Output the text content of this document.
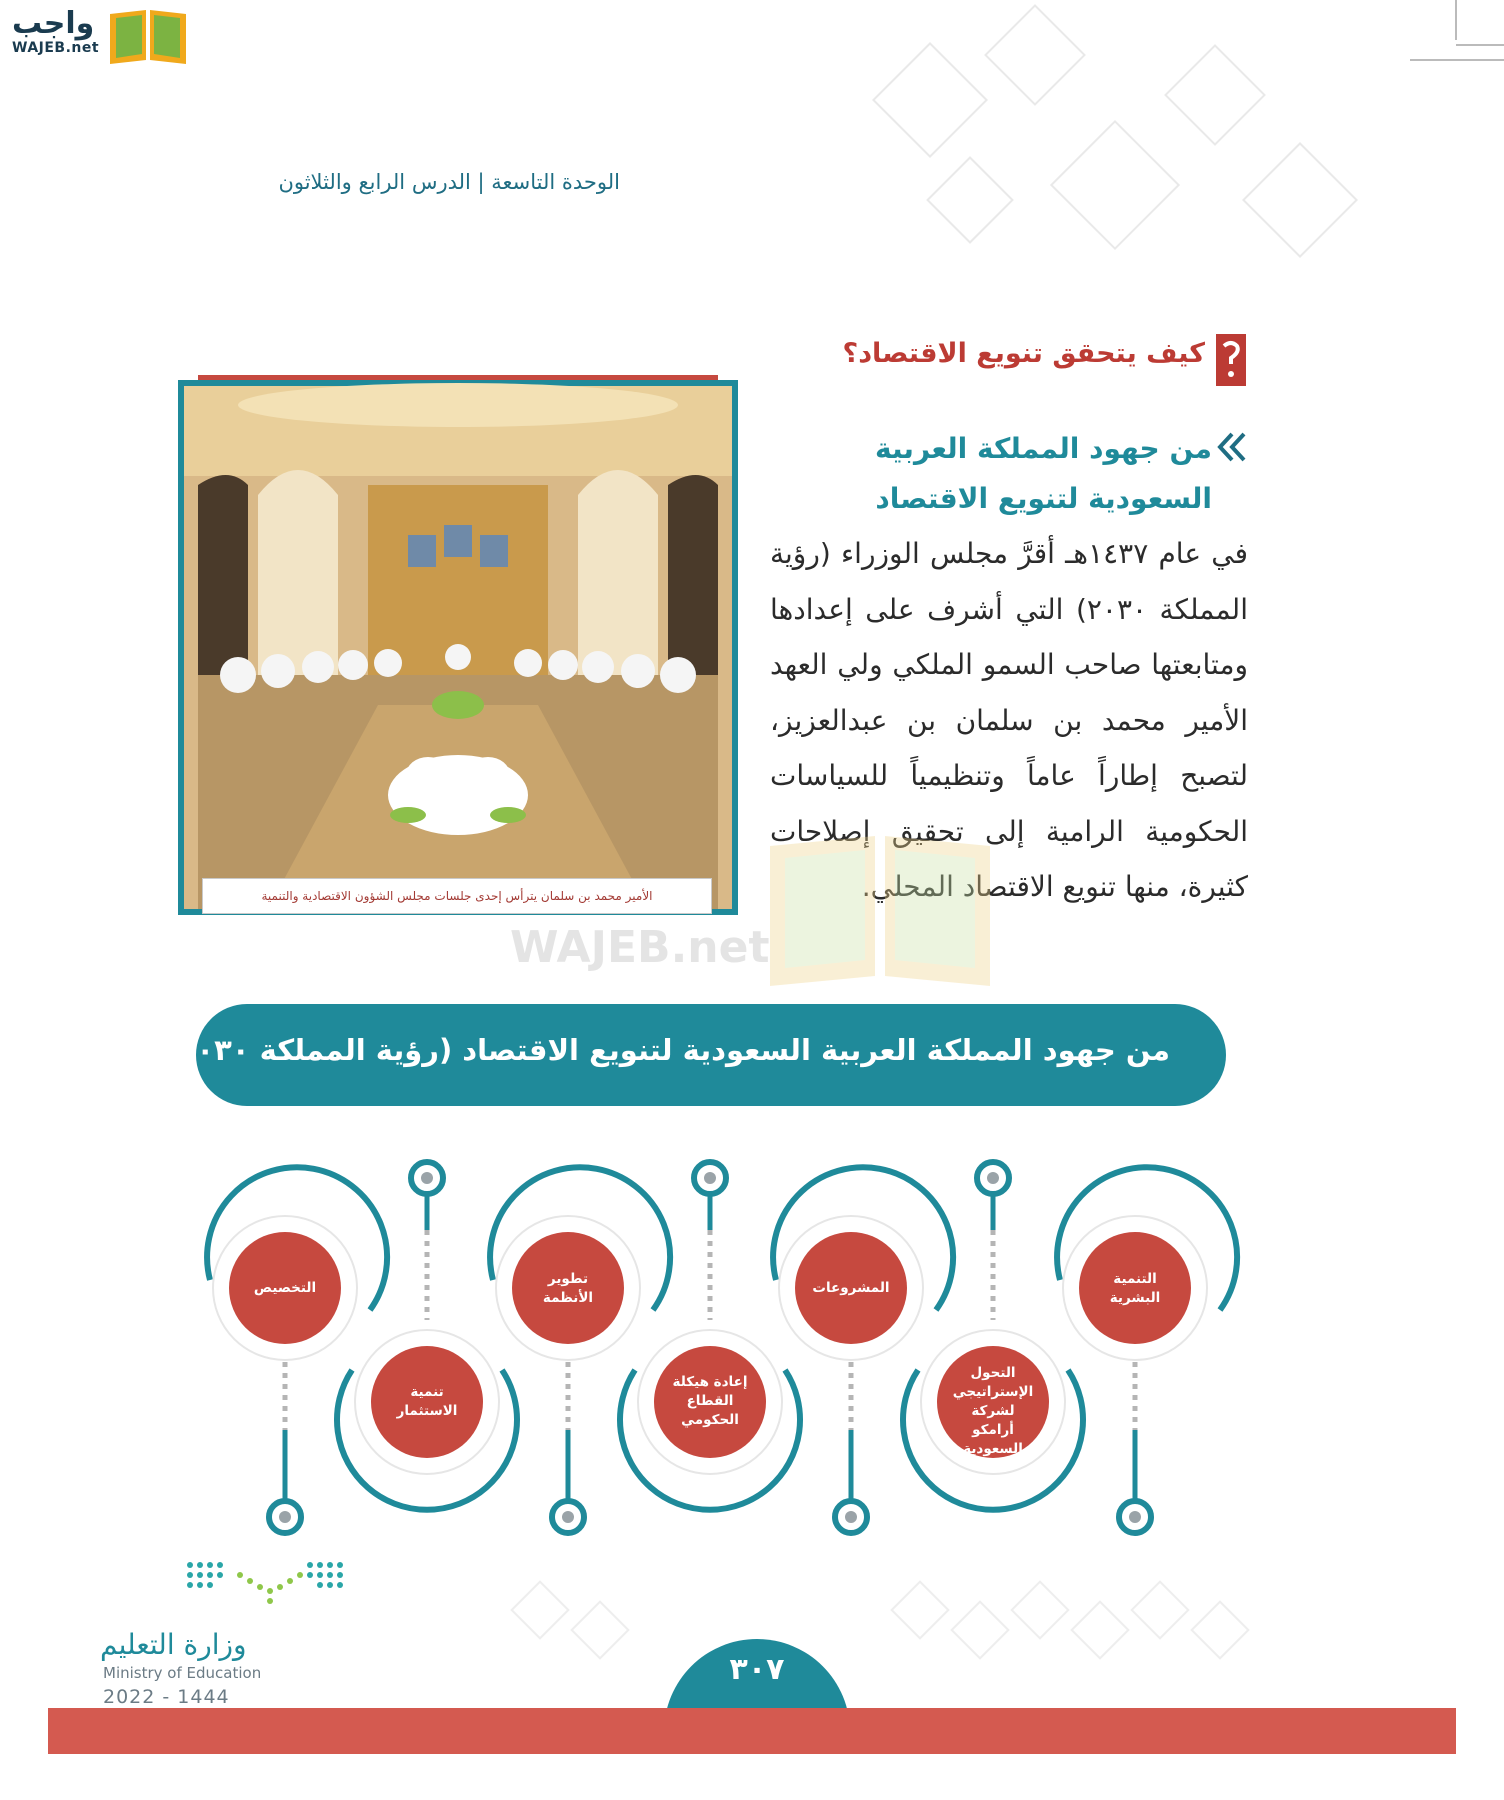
واجب
WAJEB.net
الوحدة التاسعة | الدرس الرابع والثلاثون
كيف يتحقق تنويع الاقتصاد؟
من جهود المملكة العربية السعودية لتنويع الاقتصاد
في عام ١٤٣٧هـ أقرَّ مجلس الوزراء (رؤية المملكة ٢٠٣٠) التي أشرف على إعدادها ومتابعتها صاحب السمو الملكي ولي العهد الأمير محمد بن سلمان بن عبدالعزيز، لتصبح إطاراً عاماً وتنظيمياً للسياسات الحكومية الرامية إلى تحقيق إصلاحات كثيرة، منها تنويع الاقتصاد المحلي.
الأمير محمد بن سلمان يترأس إحدى جلسات مجلس الشؤون الاقتصادية والتنمية
WAJEB.net
من جهود المملكة العربية السعودية لتنويع الاقتصاد (رؤية المملكة ٢٠٣٠)
التنمية البشرية
التحول الإستراتيجي لشركة أرامكو السعودية
المشروعات
إعادة هيكلة القطاع الحكومي
تطوير الأنظمة
تنمية الاستثمار
التخصيص
وزارة التعليم
Ministry of Education
2022 - 1444
٣٠٧
